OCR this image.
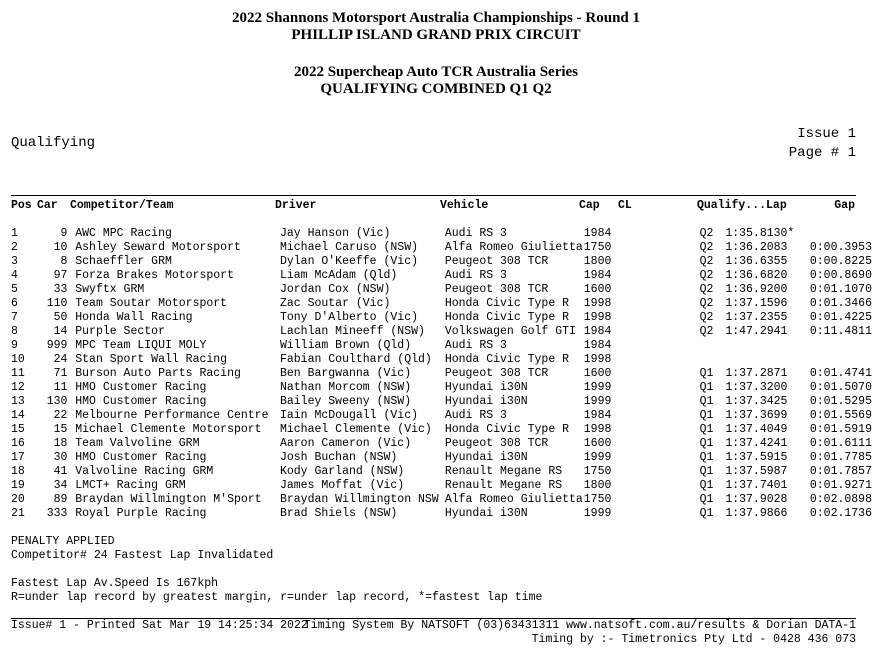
2022 Shannons Motorsport Australia Championships - Round 1
PHILLIP ISLAND GRAND PRIX CIRCUIT
2022 Supercheap Auto TCR Australia Series
QUALIFYING COMBINED Q1 Q2
Qualifying
Issue 1
Page # 1
Pos Car Competitor/Team	Driver	Vehicle	Cap CL	Qualify...Lap	Gap
1	9		AWC MPC Racing	Jay Hanson (Vic)	Audi RS 3	1984		Q2	1:35.8130*	
2	10		Ashley Seward Motorsport	Michael Caruso (NSW)	Alfa Romeo Giulietta	1750		Q2	1:36.2083	0:00.3953
3	8		Schaeffler GRM	Dylan O'Keeffe (Vic)	Peugeot 308 TCR	1800		Q2	1:36.6355	0:00.8225
4	97		Forza Brakes Motorsport	Liam McAdam (Qld)	Audi RS 3	1984		Q2	1:36.6820	0:00.8690
5	33		Swyftx GRM	Jordan Cox (NSW)	Peugeot 308 TCR	1600		Q2	1:36.9200	0:01.1070
6	110		Team Soutar Motorsport	Zac Soutar (Vic)	Honda Civic Type R	1998		Q2	1:37.1596	0:01.3466
7	50		Honda Wall Racing	Tony D'Alberto (Vic)	Honda Civic Type R	1998		Q2	1:37.2355	0:01.4225
8	14		Purple Sector	Lachlan Mineeff (NSW)	Volkswagen Golf GTI	1984		Q2	1:47.2941	0:11.4811
9	999		MPC Team LIQUI MOLY	William Brown (Qld)	Audi RS 3	1984				
10	24		Stan Sport Wall Racing	Fabian Coulthard (Qld)	Honda Civic Type R	1998				
11	71		Burson Auto Parts Racing	Ben Bargwanna (Vic)	Peugeot 308 TCR	1600		Q1	1:37.2871	0:01.4741
12	11		HMO Customer Racing	Nathan Morcom (NSW)	Hyundai i30N	1999		Q1	1:37.3200	0:01.5070
13	130		HMO Customer Racing	Bailey Sweeny (NSW)	Hyundai i30N	1999		Q1	1:37.3425	0:01.5295
14	22		Melbourne Performance Centre	Iain McDougall (Vic)	Audi RS 3	1984		Q1	1:37.3699	0:01.5569
15	15		Michael Clemente Motorsport	Michael Clemente (Vic)	Honda Civic Type R	1998		Q1	1:37.4049	0:01.5919
16	18		Team Valvoline GRM	Aaron Cameron (Vic)	Peugeot 308 TCR	1600		Q1	1:37.4241	0:01.6111
17	30		HMO Customer Racing	Josh Buchan (NSW)	Hyundai i30N	1999		Q1	1:37.5915	0:01.7785
18	41		Valvoline Racing GRM	Kody Garland (NSW)	Renault Megane RS	1750		Q1	1:37.5987	0:01.7857
19	34		LMCT+ Racing GRM	James Moffat (Vic)	Renault Megane RS	1800		Q1	1:37.7401	0:01.9271
20	89		Braydan Willmington M'Sport	Braydan Willmington NSW	Alfa Romeo Giulietta	1750		Q1	1:37.9028	0:02.0898
21	333		Royal Purple Racing	Brad Shiels (NSW)	Hyundai i30N	1999		Q1	1:37.9866	0:02.1736
PENALTY APPLIED
Competitor# 24 Fastest Lap Invalidated
Fastest Lap Av.Speed Is 167kph
R=under lap record by greatest margin, r=under lap record, *=fastest lap time
Issue# 1 - Printed Sat Mar 19 14:25:34 2022
Timing System By NATSOFT (03)63431311 www.natsoft.com.au/results & Dorian DATA-1
Timing by :- Timetronics Pty Ltd - 0428 436 073
